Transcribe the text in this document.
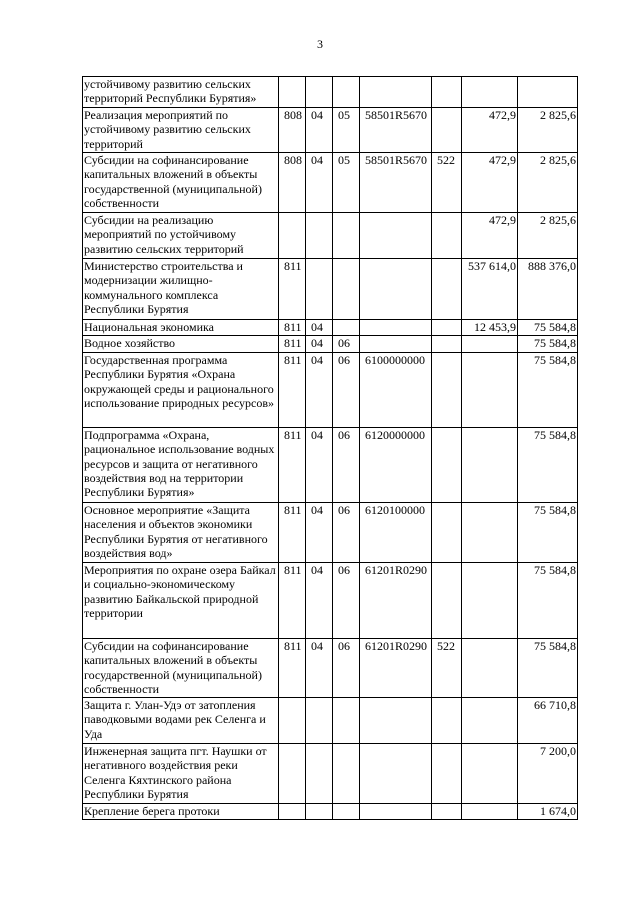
3
устойчивому развитию сельских территорий Республики Бурятия»							
Реализация мероприятий по устойчивому развитию сельских территорий	808	04	05	58501R5670		472,9	2 825,6
Субсидии на софинансирование капитальных вложений в объекты государственной (муниципальной) собственности	808	04	05	58501R5670	522	472,9	2 825,6
Субсидии на реализацию мероприятий по устойчивому развитию сельских территорий						472,9	2 825,6
Министерство строительства и модернизации жилищно-коммунального комплекса Республики Бурятия	811					537 614,0	888 376,0
Национальная экономика	811	04				12 453,9	75 584,8
Водное хозяйство	811	04	06				75 584,8
Государственная программа Республики Бурятия «Охрана окружающей среды и рационального использование природных ресурсов»	811	04	06	6100000000			75 584,8
Подпрограмма «Охрана, рациональное использование водных ресурсов и защита от негативного воздействия вод на территории Республики Бурятия»	811	04	06	6120000000			75 584,8
Основное мероприятие «Защита населения и объектов экономики Республики Бурятия от негативного воздействия вод»	811	04	06	6120100000			75 584,8
Мероприятия по охране озера Байкал и социально-экономическому развитию Байкальской природной территории	811	04	06	61201R0290			75 584,8
Субсидии на софинансирование капитальных вложений в объекты государственной (муниципальной) собственности	811	04	06	61201R0290	522		75 584,8
Защита г. Улан-Удэ от затопления паводковыми водами рек Селенга и Уда							66 710,8
Инженерная защита пгт. Наушки от негативного воздействия реки Селенга Кяхтинского района Республики Бурятия							7 200,0
Крепление берега протоки							1 674,0
